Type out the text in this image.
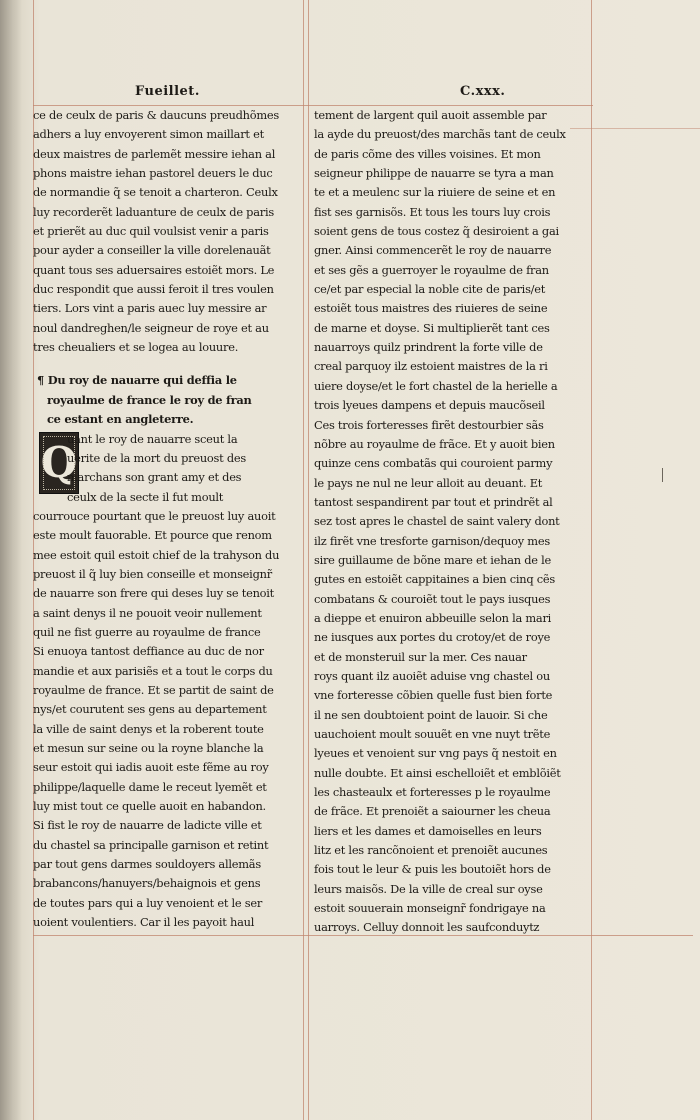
Fueillet.	C.xxx.
Q
ce de ceulx de paris & daucuns preudhõmes
adhers a luy envoyerent simon maillart et
deux maistres de parlemẽt messire iehan al
phons maistre iehan pastorel deuers le duc
de normandie q̃ se tenoit a charteron. Ceulx
luy recorderẽt laduanture de ceulx de paris
et prierẽt au duc quil voulsist venir a paris
pour ayder a conseiller la ville dorelenauãt
quant tous ses aduersaires estoiẽt mors. Le
duc respondit que aussi feroit il tres voulen
tiers. Lors vint a paris auec luy messire ar
noul dandreghen/le seigneur de roye et au
tres cheualiers et se logea au louure.
¶ Du roy de nauarre qui deffia le
royaulme de france le roy de fran
ce estant en angleterre.
uant le roy de nauarre sceut la
uerite de la mort du preuost des
marchans son grant amy et des
ceulx de la secte il fut moult
courrouce pourtant que le preuost luy auoit
este moult fauorable. Et pource que renom
mee estoit quil estoit chief de la trahyson du
preuost il q̃ luy bien conseille et monseignr̃
de nauarre son frere qui deses luy se tenoit
a saint denys il ne pouoit veoir nullement
quil ne fist guerre au royaulme de france
Si enuoya tantost deffiance au duc de nor
mandie et aux parisiẽs et a tout le corps du
royaulme de france. Et se partit de saint de
nys/et courutent ses gens au departement
la ville de saint denys et la roberent toute
et mesun sur seine ou la royne blanche la
seur estoit qui iadis auoit este fẽme au roy
philippe/laquelle dame le receut lyemẽt et
luy mist tout ce quelle auoit en habandon.
Si fist le roy de nauarre de ladicte ville et
du chastel sa principalle garnison et retint
par tout gens darmes souldoyers allemãs
brabancons/hanuyers/behaignois et gens
de toutes pars qui a luy venoient et le ser
uoient voulentiers. Car il les payoit haul
tement de largent quil auoit assemble par
la ayde du preuost/des marchãs tant de ceulx
de paris cõme des villes voisines. Et mon
seigneur philippe de nauarre se tyra a man
te et a meulenc sur la riuiere de seine et en
fist ses garnisõs. Et tous les tours luy crois
soient gens de tous costez q̃ desiroient a gai
gner. Ainsi commencerẽt le roy de nauarre
et ses gẽs a guerroyer le royaulme de fran
ce/et par especial la noble cite de paris/et
estoiẽt tous maistres des riuieres de seine
de marne et doyse. Si multiplierẽt tant ces
nauarroys quilz prindrent la forte ville de
creal parquoy ilz estoient maistres de la ri
uiere doyse/et le fort chastel de la herielle a
trois lyeues dampens et depuis maucõseil
Ces trois forteresses firẽt destourbier sãs
nõbre au royaulme de frãce. Et y auoit bien
quinze cens combatãs qui couroient parmy
le pays ne nul ne leur alloit au deuant. Et
tantost sespandirent par tout et prindrẽt al
sez tost apres le chastel de saint valery dont
ilz firẽt vne tresforte garnison/dequoy mes
sire guillaume de bõne mare et iehan de le
gutes en estoiẽt cappitaines a bien cinq cẽs
combatans & couroiẽt tout le pays iusques
a dieppe et enuiron abbeuille selon la mari
ne iusques aux portes du crotoy/et de roye
et de monsteruil sur la mer. Ces nauar
roys quant ilz auoiẽt aduise vng chastel ou
vne forteresse cõbien quelle fust bien forte
il ne sen doubtoient point de lauoir. Si che
uauchoient moult souuẽt en vne nuyt trẽte
lyeues et venoient sur vng pays q̃ nestoit en
nulle doubte. Et ainsi eschelloiẽt et emblõiẽt
les chasteaulx et forteresses p le royaulme
de frãce. Et prenoiẽt a saiourner les cheua
liers et les dames et damoiselles en leurs
litz et les rancõnoient et prenoiẽt aucunes
fois tout le leur & puis les boutoiẽt hors de
leurs maisõs. De la ville de creal sur oyse
estoit souuerain monseignr̃ fondrigaye na
uarroys. Celluy donnoit les saufconduytz
